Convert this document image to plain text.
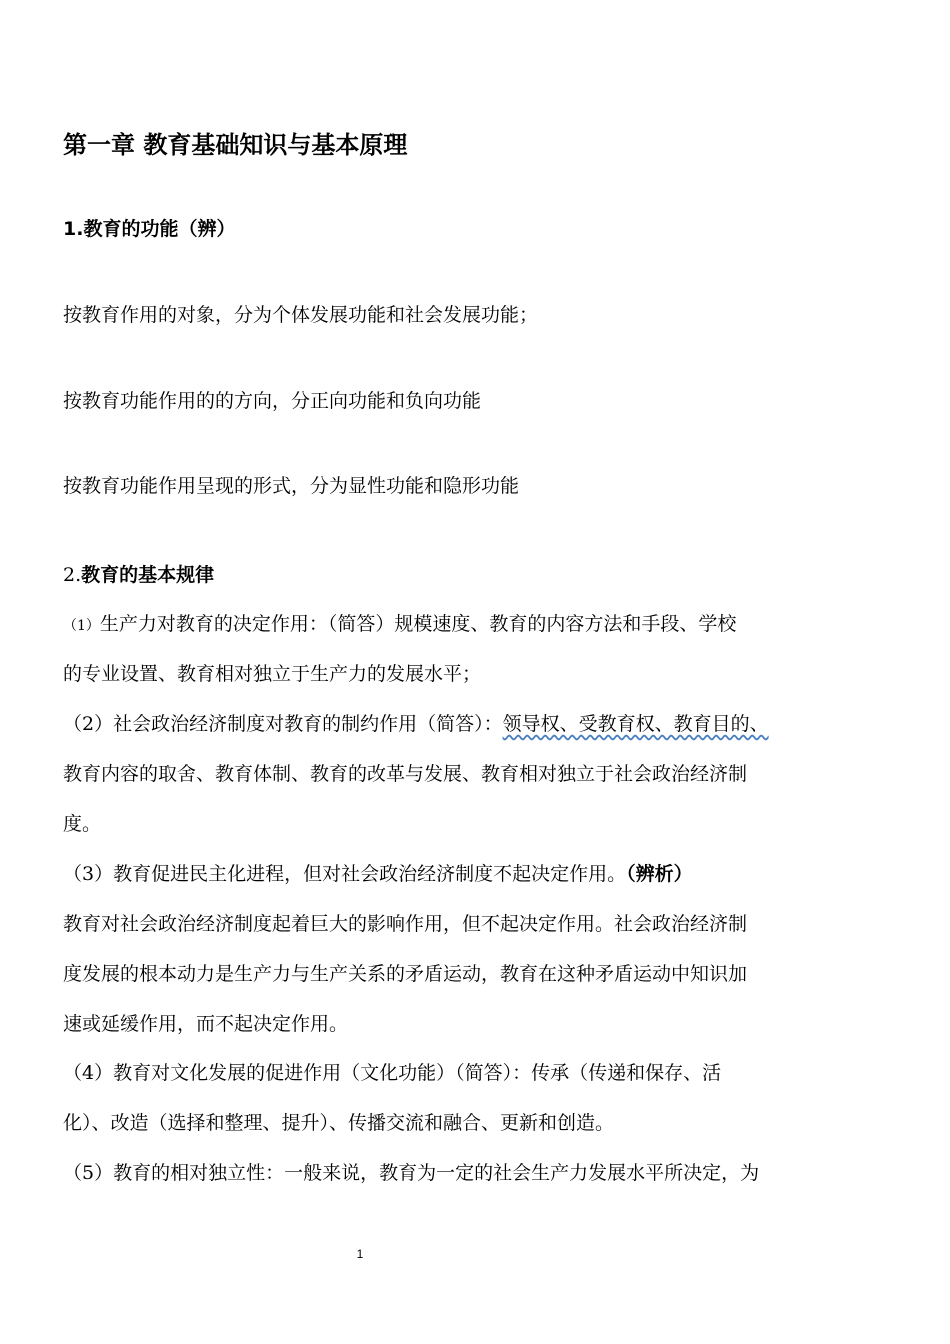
第一章 教育基础知识与基本原理
1.教育的功能（辨）
按教育作用的对象，分为个体发展功能和社会发展功能；
按教育功能作用的的方向，分正向功能和负向功能
按教育功能作用呈现的形式，分为显性功能和隐形功能
2.教育的基本规律
（1）生产力对教育的决定作用：（简答）规模速度、教育的内容方法和手段、学校
的专业设置、教育相对独立于生产力的发展水平；
（2）社会政治经济制度对教育的制约作用（简答）：领导权、受教育权、教育目的、
教育内容的取舍、教育体制、教育的改革与发展、教育相对独立于社会政治经济制
度。
（3）教育促进民主化进程，但对社会政治经济制度不起决定作用。（辨析）
教育对社会政治经济制度起着巨大的影响作用，但不起决定作用。社会政治经济制
度发展的根本动力是生产力与生产关系的矛盾运动，教育在这种矛盾运动中知识加
速或延缓作用，而不起决定作用。
（4）教育对文化发展的促进作用（文化功能）（简答）：传承（传递和保存、活
化）、改造（选择和整理、提升）、传播交流和融合、更新和创造。
（5）教育的相对独立性：一般来说，教育为一定的社会生产力发展水平所决定，为
1
